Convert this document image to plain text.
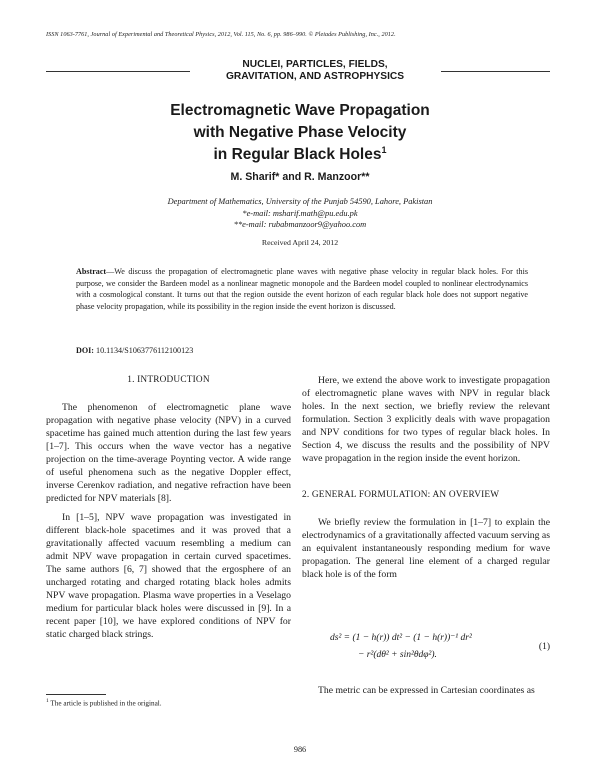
ISSN 1063-7761, Journal of Experimental and Theoretical Physics, 2012, Vol. 115, No. 6, pp. 986–990. © Pleiades Publishing, Inc., 2012.
NUCLEI, PARTICLES, FIELDS,
GRAVITATION, AND ASTROPHYSICS
Electromagnetic Wave Propagation
with Negative Phase Velocity
in Regular Black Holes$^1$
M. Sharif* and R. Manzoor**
Department of Mathematics, University of the Punjab 54590, Lahore, Pakistan
*e-mail: msharif.math@pu.edu.pk
**e-mail: rubabmanzoor9@yahoo.com
Received April 24, 2012
Abstract—We discuss the propagation of electromagnetic plane waves with negative phase velocity in regular black holes. For this purpose, we consider the Bardeen model as a nonlinear magnetic monopole and the Bardeen model coupled to nonlinear electrodynamics with a cosmological constant. It turns out that the region outside the event horizon of each regular black hole does not support negative phase velocity propagation, while its possibility in the region inside the event horizon is discussed.
DOI: 10.1134/S1063776112100123
1. INTRODUCTION

The phenomenon of electromagnetic plane wave propagation with negative phase velocity (NPV) in a curved spacetime has gained much attention during the last few years [1–7]. This occurs when the wave vector has a negative projection on the time-average Poynting vector. A wide range of useful phenomena such as the negative Doppler effect, inverse Cerenkov radiation, and negative refraction have been predicted for NPV materials [8].

In [1–5], NPV wave propagation was investigated in different black-hole spacetimes and it was proved that a gravitationally affected vacuum resembling a medium can admit NPV wave propagation in certain curved spacetimes. The same authors [6, 7] showed that the ergosphere of an uncharged rotating and charged rotating black holes admits NPV wave propagation. Plasma wave properties in a Veselago medium for particular black holes were discussed in [9]. In a recent paper [10], we have explored conditions of NPV for static charged black strings.

Here, we extend the above work to investigate propagation of electromagnetic plane waves with NPV in regular black holes. In the next section, we briefly review the relevant formulation. Section 3 explicitly deals with wave propagation and NPV conditions for two types of regular black holes. In Section 4, we discuss the results and the possibility of NPV wave propagation in the region inside the event horizon.

2. GENERAL FORMULATION: AN OVERVIEW

We briefly review the formulation in [1–7] to explain the electrodynamics of a gravitationally affected vacuum serving as an equivalent instantaneously responding medium for wave propagation. The general line element of a charged regular black hole is of the form

ds² = (1 − h(r)) dt² − (1 − h(r))⁻¹ dr²
− r²(dθ² + sin²θdφ²).
(1)

The metric can be expressed in Cartesian coordinates as

$^1$ The article is published in the original.
986
